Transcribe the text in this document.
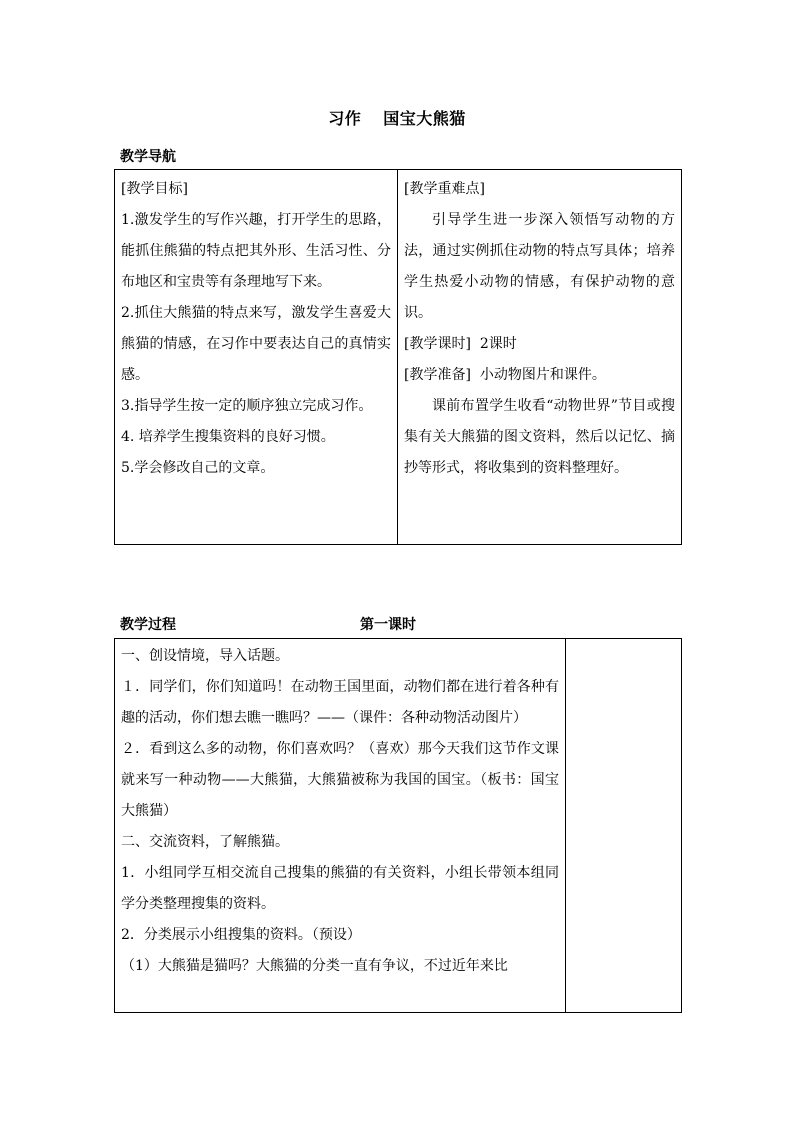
习作 国宝大熊猫
教学导航

[教学目标]

1.激发学生的写作兴趣，打开学生的思路，能抓住熊猫的特点把其外形、生活习性、分布地区和宝贵等有条理地写下来。

2.抓住大熊猫的特点来写，激发学生喜爱大熊猫的情感，在习作中要表达自己的真情实感。

3.指导学生按一定的顺序独立完成习作。

4. 培养学生搜集资料的良好习惯。

5.学会修改自己的文章。

[教学重难点]

引导学生进一步深入领悟写动物的方法，通过实例抓住动物的特点写具体；培养学生热爱小动物的情感，有保护动物的意识。

[教学课时] 2课时

[教学准备] 小动物图片和课件。

课前布置学生收看“动物世界”节目或搜集有关大熊猫的图文资料，然后以记忆、摘抄等形式，将收集到的资料整理好。

教学过程	第一课时

一、创设情境，导入话题。

１．同学们，你们知道吗！在动物王国里面，动物们都在进行着各种有趣的活动，你们想去瞧一瞧吗？——（课件：各种动物活动图片）

２．看到这么多的动物，你们喜欢吗？（喜欢）那今天我们这节作文课就来写一种动物——大熊猫，大熊猫被称为我国的国宝。（板书：国宝大熊猫）

二、交流资料，了解熊猫。

1．小组同学互相交流自己搜集的熊猫的有关资料，小组长带领本组同学分类整理搜集的资料。

2．分类展示小组搜集的资料。（预设）

（1）大熊猫是猫吗？大熊猫的分类一直有争议，不过近年来比
